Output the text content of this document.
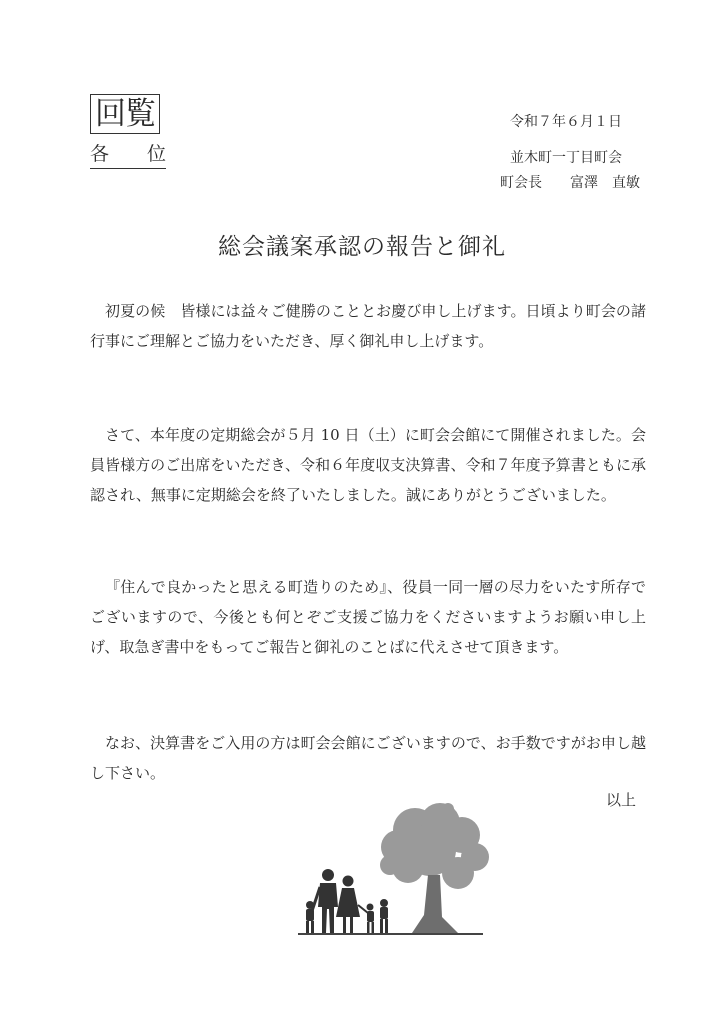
回覧
各 位
令和７年６月１日
並木町一丁目町会
町会長 富澤　直敏
総会議案承認の報告と御礼

初夏の候　皆様には益々ご健勝のこととお慶び申し上げます。日頃より町会の諸行事にご理解とご協力をいただき、厚く御礼申し上げます。

さて、本年度の定期総会が５月 10 日（土）に町会会館にて開催されました。会員皆様方のご出席をいただき、令和６年度収支決算書、令和７年度予算書ともに承認され、無事に定期総会を終了いたしました。誠にありがとうございました。

『住んで良かったと思える町造りのため』、役員一同一層の尽力をいたす所存でございますので、今後とも何とぞご支援ご協力をくださいますようお願い申し上げ、取急ぎ書中をもってご報告と御礼のことばに代えさせて頂きます。

なお、決算書をご入用の方は町会会館にございますので、お手数ですがお申し越し下さい。

以上
